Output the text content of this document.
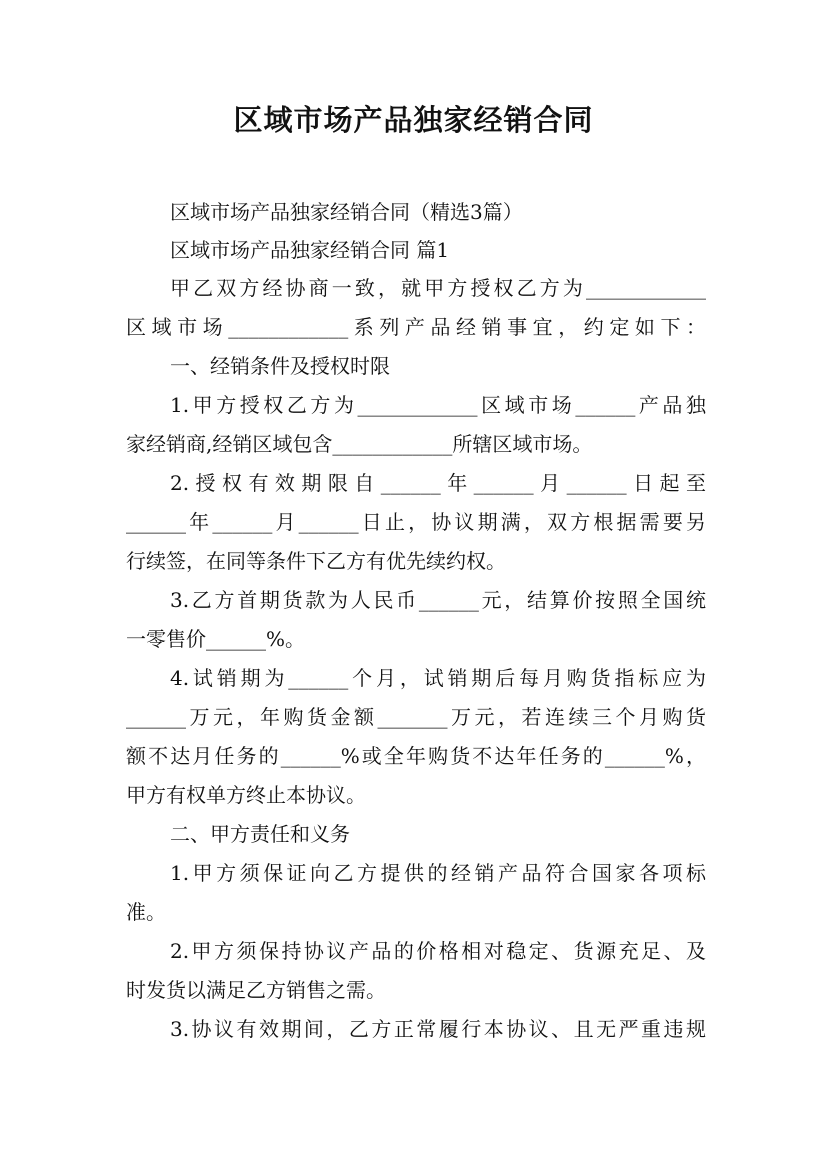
区域市场产品独家经销合同
区域市场产品独家经销合同（精选3篇）
区域市场产品独家经销合同 篇1
甲乙双方经协商一致，就甲方授权乙方为____________
区域市场____________系列产品经销事宜，约定如下：
一、经销条件及授权时限
1.甲方授权乙方为____________区域市场______产品独
家经销商,经销区域包含____________所辖区域市场。
2.授权有效期限自______年______月______日起至
______年______月______日止，协议期满，双方根据需要另
行续签，在同等条件下乙方有优先续约权。
3.乙方首期货款为人民币______元，结算价按照全国统
一零售价______%。
4.试销期为______个月，试销期后每月购货指标应为
______万元，年购货金额_______万元，若连续三个月购货
额不达月任务的______%或全年购货不达年任务的______%，
甲方有权单方终止本协议。
二、甲方责任和义务
1.甲方须保证向乙方提供的经销产品符合国家各项标
准。
2.甲方须保持协议产品的价格相对稳定、货源充足、及
时发货以满足乙方销售之需。
3.协议有效期间，乙方正常履行本协议、且无严重违规
